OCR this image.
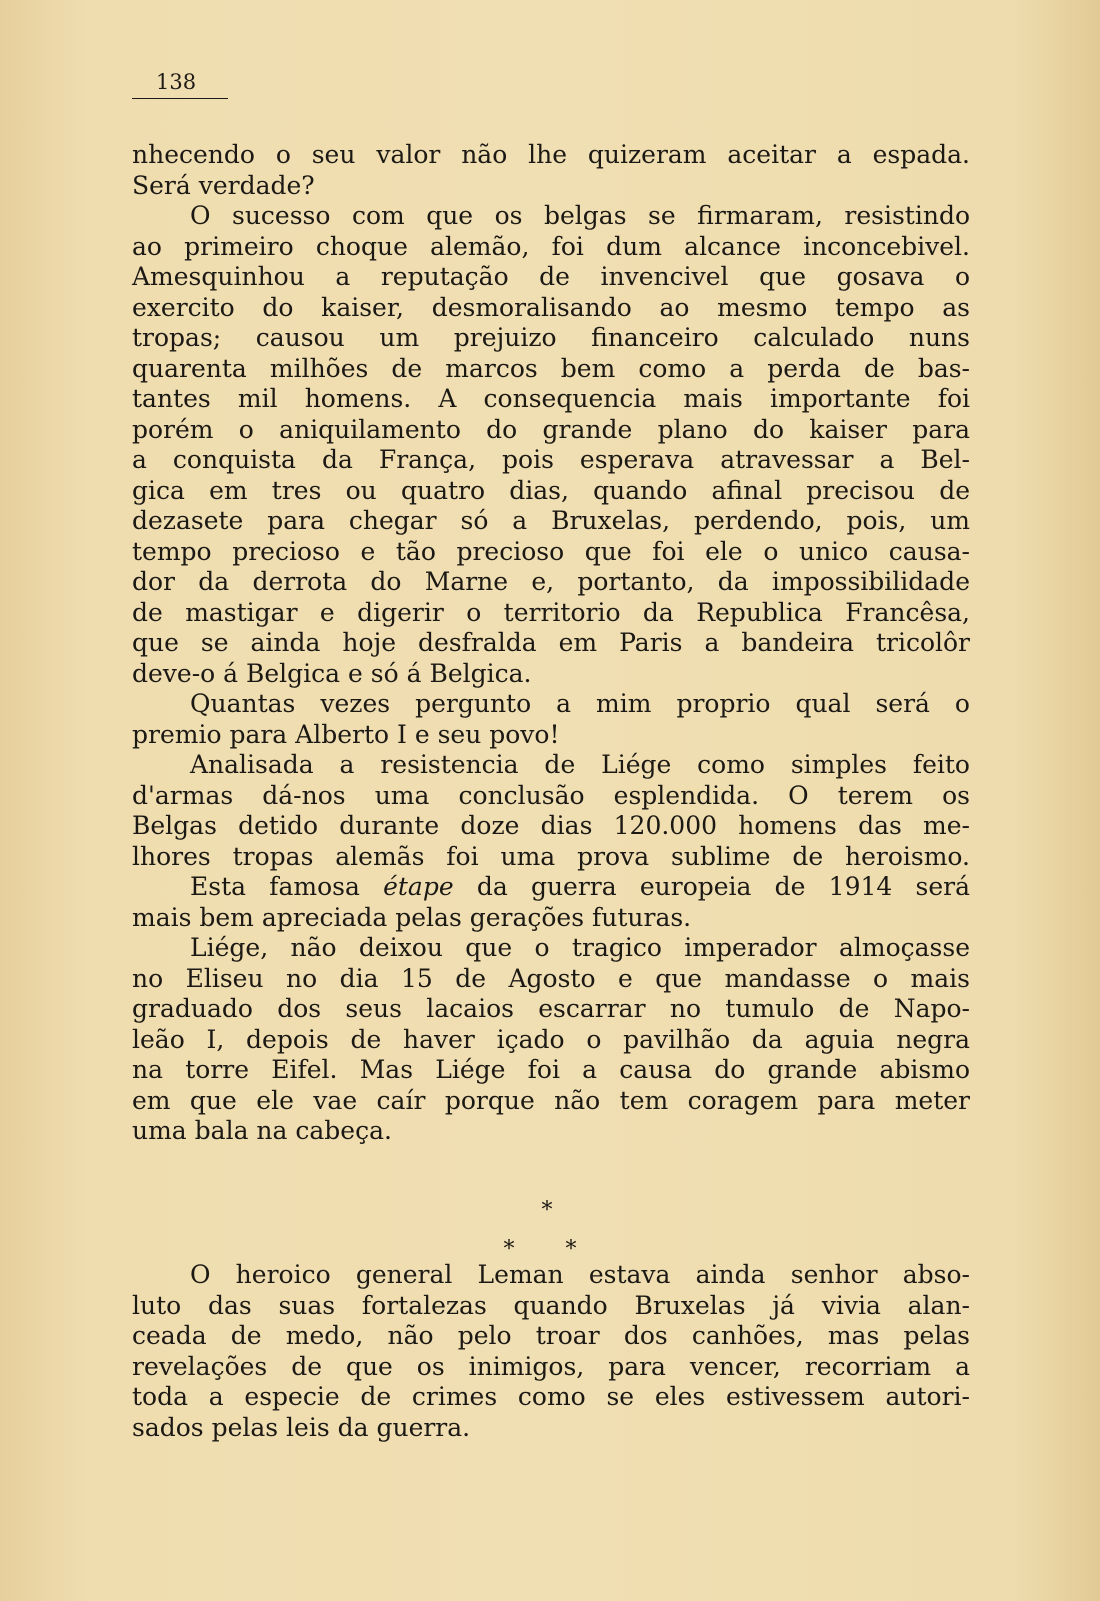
138

nhecendo o seu valor não lhe quizeram aceitar a espada.

Será verdade?

O sucesso com que os belgas se firmaram, resistindo

ao primeiro choque alemão, foi dum alcance inconcebivel.

Amesquinhou a reputação de invencivel que gosava o

exercito do kaiser, desmoralisando ao mesmo tempo as

tropas; causou um prejuizo financeiro calculado nuns

quarenta milhões de marcos bem como a perda de bas-

tantes mil homens. A consequencia mais importante foi

porém o aniquilamento do grande plano do kaiser para

a conquista da França, pois esperava atravessar a Bel-

gica em tres ou quatro dias, quando afinal precisou de

dezasete para chegar só a Bruxelas, perdendo, pois, um

tempo precioso e tão precioso que foi ele o unico causa-

dor da derrota do Marne e, portanto, da impossibilidade

de mastigar e digerir o territorio da Republica Francêsa,

que se ainda hoje desfralda em Paris a bandeira tricolôr

deve-o á Belgica e só á Belgica.

Quantas vezes pergunto a mim proprio qual será o

premio para Alberto I e seu povo!

Analisada a resistencia de Liége como simples feito

d'armas dá-nos uma conclusão esplendida. O terem os

Belgas detido durante doze dias 120.000 homens das me-

lhores tropas alemãs foi uma prova sublime de heroismo.

Esta famosa étape da guerra europeia de 1914 será

mais bem apreciada pelas gerações futuras.

Liége, não deixou que o tragico imperador almoçasse

no Eliseu no dia 15 de Agosto e que mandasse o mais

graduado dos seus lacaios escarrar no tumulo de Napo-

leão I, depois de haver içado o pavilhão da aguia negra

na torre Eifel. Mas Liége foi a causa do grande abismo

em que ele vae caír porque não tem coragem para meter

uma bala na cabeça.

*
* *

O heroico general Leman estava ainda senhor abso-

luto das suas fortalezas quando Bruxelas já vivia alan-

ceada de medo, não pelo troar dos canhões, mas pelas

revelações de que os inimigos, para vencer, recorriam a

toda a especie de crimes como se eles estivessem autori-

sados pelas leis da guerra.
